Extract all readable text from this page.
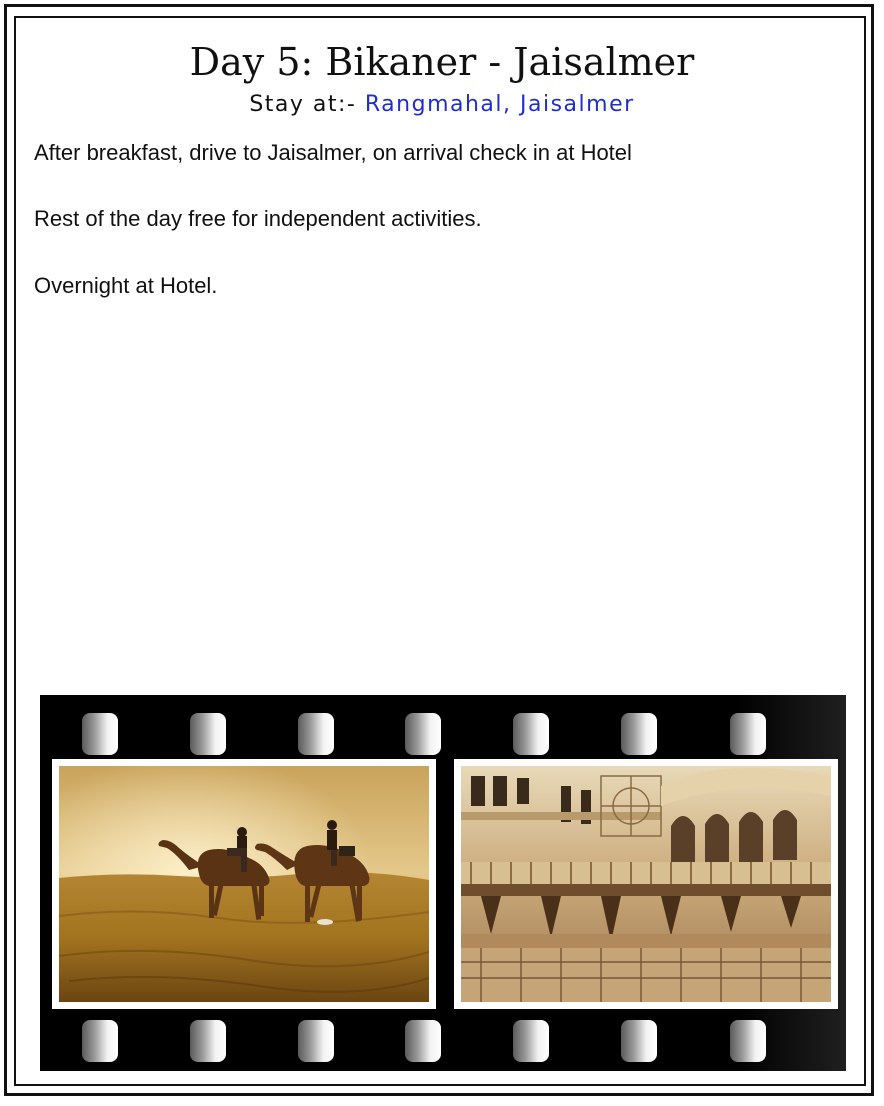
Day 5: Bikaner - Jaisalmer
Stay at:- Rangmahal, Jaisalmer
After breakfast, drive to Jaisalmer, on arrival check in at Hotel
Rest of the day free for independent activities.
Overnight at Hotel.
